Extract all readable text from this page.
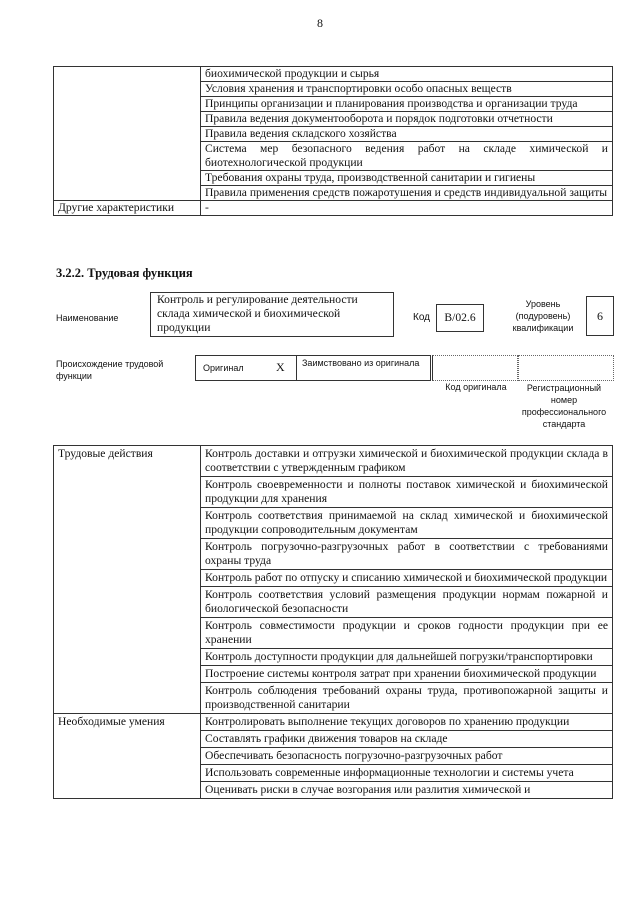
8
	биохимической продукции и сырья
	Условия хранения и транспортировки особо опасных веществ
	Принципы организации и планирования производства и организации труда
	Правила ведения документооборота и порядок подготовки отчетности
	Правила ведения складского хозяйства
	Система мер безопасного ведения работ на складе химической и биотехнологической продукции
	Требования охраны труда, производственной санитарии и гигиены
	Правила применения средств пожаротушения и средств индивидуальной защиты
Другие характеристики	-
3.2.2. Трудовая функция
Наименование
Контроль и регулирование деятельности склада химической и биохимической продукции
Код	В/02.6
Уровень (подуровень) квалификации
6
Происхождение трудовой функции
Оригинал	X Заимствовано из оригинала
Код оригинала	Регистрационный номер профессионального стандарта
Трудовые действия	Контроль доставки и отгрузки химической и биохимической продукции склада в соответствии с утвержденным графиком
	Контроль своевременности и полноты поставок химической и биохимической продукции для хранения
	Контроль соответствия принимаемой на склад химической и биохимической продукции сопроводительным документам
	Контроль погрузочно-разгрузочных работ в соответствии с требованиями охраны труда
	Контроль работ по отпуску и списанию химической и биохимической продукции
	Контроль соответствия условий размещения продукции нормам пожарной и биологической безопасности
	Контроль совместимости продукции и сроков годности продукции при ее хранении
	Контроль доступности продукции для дальнейшей погрузки/транспортировки
	Построение системы контроля затрат при хранении биохимической продукции
	Контроль соблюдения требований охраны труда, противопожарной защиты и производственной санитарии
Необходимые умения	Контролировать выполнение текущих договоров по хранению продукции
	Составлять графики движения товаров на складе
	Обеспечивать безопасность погрузочно-разгрузочных работ
	Использовать современные информационные технологии и системы учета
	Оценивать риски в случае возгорания или разлития химической и
